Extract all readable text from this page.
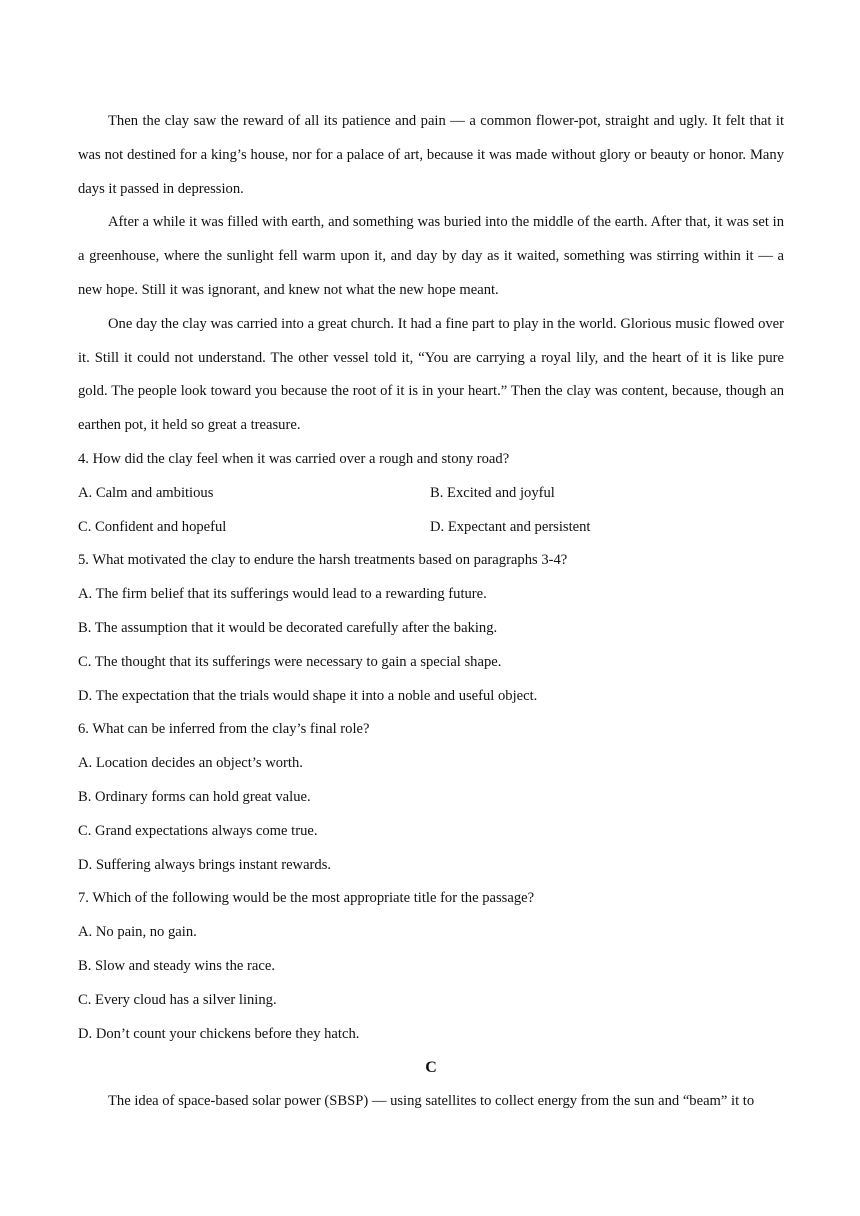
Then the clay saw the reward of all its patience and pain — a common flower-pot, straight and ugly. It felt that it was not destined for a king’s house, nor for a palace of art, because it was made without glory or beauty or honor. Many days it passed in depression.

After a while it was filled with earth, and something was buried into the middle of the earth. After that, it was set in a greenhouse, where the sunlight fell warm upon it, and day by day as it waited, something was stirring within it — a new hope. Still it was ignorant, and knew not what the new hope meant.

One day the clay was carried into a great church. It had a fine part to play in the world. Glorious music flowed over it. Still it could not understand. The other vessel told it, “You are carrying a royal lily, and the heart of it is like pure gold. The people look toward you because the root of it is in your heart.” Then the clay was content, because, though an earthen pot, it held so great a treasure.

4. How did the clay feel when it was carried over a rough and stony road?
A. Calm and ambitious	B. Excited and joyful
C. Confident and hopeful	D. Expectant and persistent
5. What motivated the clay to endure the harsh treatments based on paragraphs 3-4?
A. The firm belief that its sufferings would lead to a rewarding future.
B. The assumption that it would be decorated carefully after the baking.
C. The thought that its sufferings were necessary to gain a special shape.
D. The expectation that the trials would shape it into a noble and useful object.
6. What can be inferred from the clay’s final role?
A. Location decides an object’s worth.
B. Ordinary forms can hold great value.
C. Grand expectations always come true.
D. Suffering always brings instant rewards.
7. Which of the following would be the most appropriate title for the passage?
A. No pain, no gain.
B. Slow and steady wins the race.
C. Every cloud has a silver lining.
D. Don’t count your chickens before they hatch.
C
The idea of space-based solar power (SBSP) — using satellites to collect energy from the sun and “beam” it to
